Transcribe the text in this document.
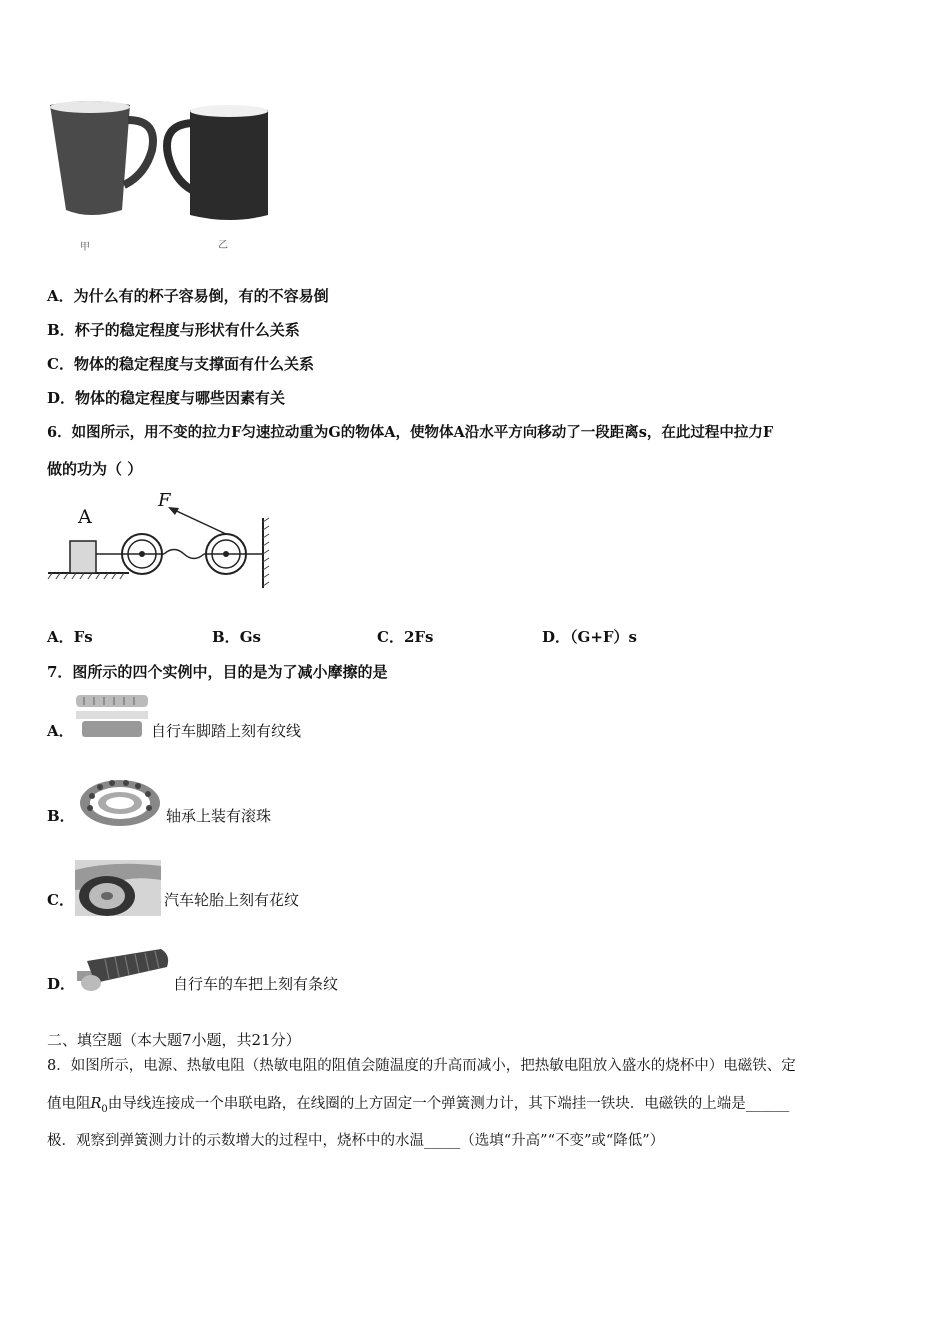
甲	乙
A．为什么有的杯子容易倒，有的不容易倒
B．杯子的稳定程度与形状有什么关系
C．物体的稳定程度与支撑面有什么关系
D．物体的稳定程度与哪些因素有关
6．如图所示，用不变的拉力F匀速拉动重为G的物体A，使物体A沿水平方向移动了一段距离s，在此过程中拉力F
做的功为（ ）
A
F
A．Fs	B．Gs	C．2Fs	D．（G+F）s
7．图所示的四个实例中，目的是为了减小摩擦的是
A．	自行车脚踏上刻有纹线
B．	轴承上装有滚珠
C．	汽车轮胎上刻有花纹
D．	自行车的车把上刻有条纹
二、填空题（本大题7小题，共21分）
8．如图所示，电源、热敏电阻（热敏电阻的阻值会随温度的升高而减小，把热敏电阻放入盛水的烧杯中）电磁铁、定
值电阻$R_0$由导线连接成一个串联电路，在线圈的上方固定一个弹簧测力计，其下端挂一铁块．电磁铁的上端是______
极．观察到弹簧测力计的示数增大的过程中，烧杯中的水温_____（选填“升高”“不变”或“降低”）
